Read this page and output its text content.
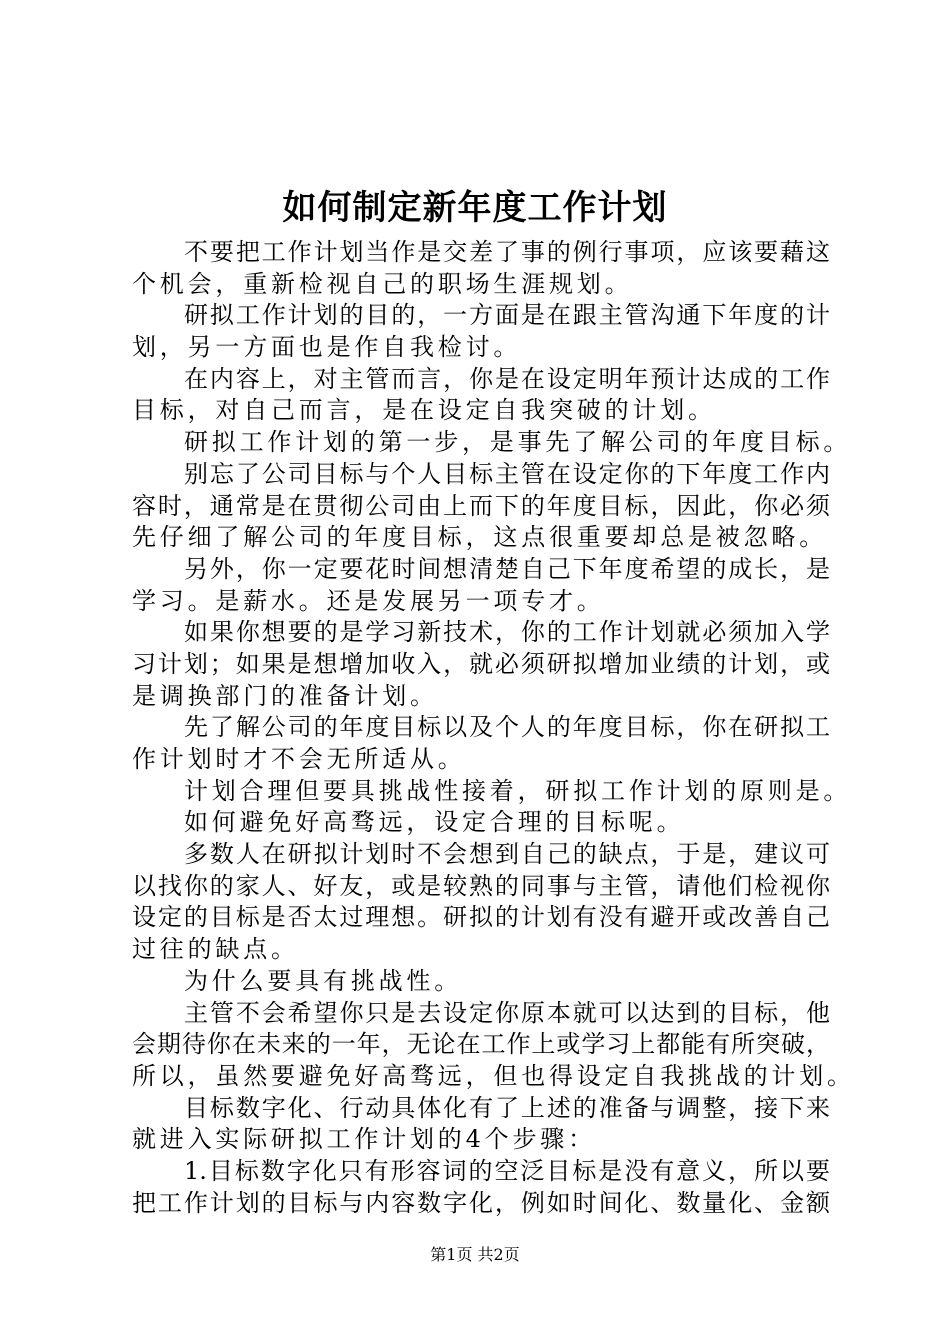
如何制定新年度工作计划
不要把工作计划当作是交差了事的例行事项，应该要藉这
个机会，重新检视自己的职场生涯规划。
研拟工作计划的目的，一方面是在跟主管沟通下年度的计
划，另一方面也是作自我检讨。
在内容上，对主管而言，你是在设定明年预计达成的工作
目标，对自己而言，是在设定自我突破的计划。
研拟工作计划的第一步，是事先了解公司的年度目标。
别忘了公司目标与个人目标主管在设定你的下年度工作内
容时，通常是在贯彻公司由上而下的年度目标，因此，你必须
先仔细了解公司的年度目标，这点很重要却总是被忽略。
另外，你一定要花时间想清楚自己下年度希望的成长，是
学习。是薪水。还是发展另一项专才。
如果你想要的是学习新技术，你的工作计划就必须加入学
习计划；如果是想增加收入，就必须研拟增加业绩的计划，或
是调换部门的准备计划。
先了解公司的年度目标以及个人的年度目标，你在研拟工
作计划时才不会无所适从。
计划合理但要具挑战性接着，研拟工作计划的原则是。
如何避免好高骛远，设定合理的目标呢。
多数人在研拟计划时不会想到自己的缺点，于是，建议可
以找你的家人、好友，或是较熟的同事与主管，请他们检视你
设定的目标是否太过理想。研拟的计划有没有避开或改善自己
过往的缺点。
为什么要具有挑战性。
主管不会希望你只是去设定你原本就可以达到的目标，他
会期待你在未来的一年，无论在工作上或学习上都能有所突破，
所以，虽然要避免好高骛远，但也得设定自我挑战的计划。
目标数字化、行动具体化有了上述的准备与调整，接下来
就进入实际研拟工作计划的4个步骤：
1.目标数字化只有形容词的空泛目标是没有意义，所以要
把工作计划的目标与内容数字化，例如时间化、数量化、金额
第1页 共2页
